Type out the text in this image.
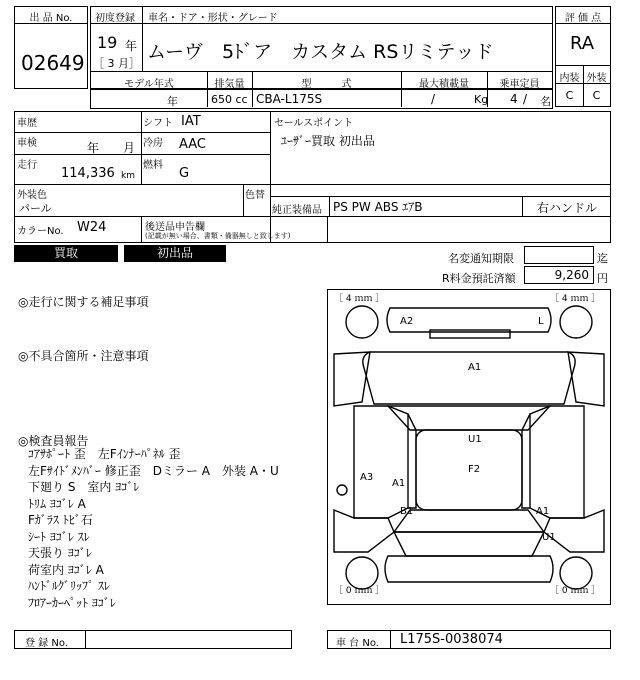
出 品 No.
02649
初度登録 車名・ドア・形状・グレード
19 年
［ 3 月］
ムーヴ　5ﾄﾞア　カスタム RSリミテッド
モデル年式	排気量	型　　　式	最大積載量	乗車定員
年	650 cc CBA-L175S	/	Kg 4 / 名
評 価 点
RA
内装 外装
C	C
車歴	シフト IAT
車検	年　　月 冷房 AAC
走行
114,336 km
燃料
G
セールスポイント
ﾕｰｻﾞｰ買取 初出品
外装色
パール
色替
純正装備品 PS PW ABS ｴｱB	右ハンドル
カラーNo. W24	後送品申告欄
(記載が無い場合、書類・備器無しと致します)
買取	初出品	名変通知期限	迄
R料金預託済額	9,260 円
◎走行に関する補足事項
◎不具合箇所・注意事項
◎検査員報告
ｺｱｻﾎﾟｰﾄ 歪　左Fｲﾝﾅｰﾊﾟﾈﾙ 歪
左Fｻｲﾄﾞﾒﾝﾊﾞｰ 修正歪　Dミラー A　外装 A・U
下廻り S　室内 ﾖｺﾞﾚ
ﾄﾘﾑ ﾖｺﾞﾚ A
Fｶﾞﾗｽ ﾄﾋﾞ石
ｼｰﾄ ﾖｺﾞﾚ ｽﾚ
天張り ﾖｺﾞﾚ
荷室内 ﾖｺﾞﾚ A
ﾊﾝﾄﾞﾙｸﾞﾘｯﾌﾟ ｽﾚ
ﾌﾛｱｰｶｰﾍﾟｯﾄ ﾖｺﾞﾚ
A2	L
A1
U1
F2
A3
A1
B1	A1
U1
［ 4 ｍｍ ］	［ 4 ｍｍ ］
［ 0 ｍｍ ］	［ 0 ｍｍ ］
登 録 No.	車 台 No. L175S-0038074
